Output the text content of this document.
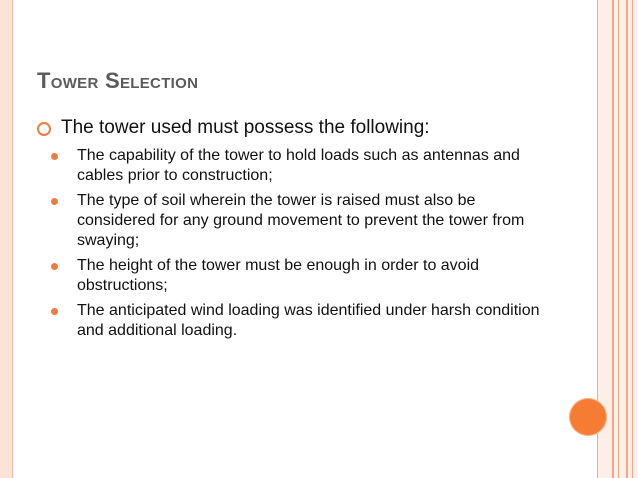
Tower Selection
The tower used must possess the following:
The capability of the tower to hold loads such as antennas and cables prior to construction;
The type of soil wherein the tower is raised must also be considered for any ground movement to prevent the tower from swaying;
The height of the tower must be enough in order to avoid obstructions;
The anticipated wind loading was identified under harsh condition and additional loading.
